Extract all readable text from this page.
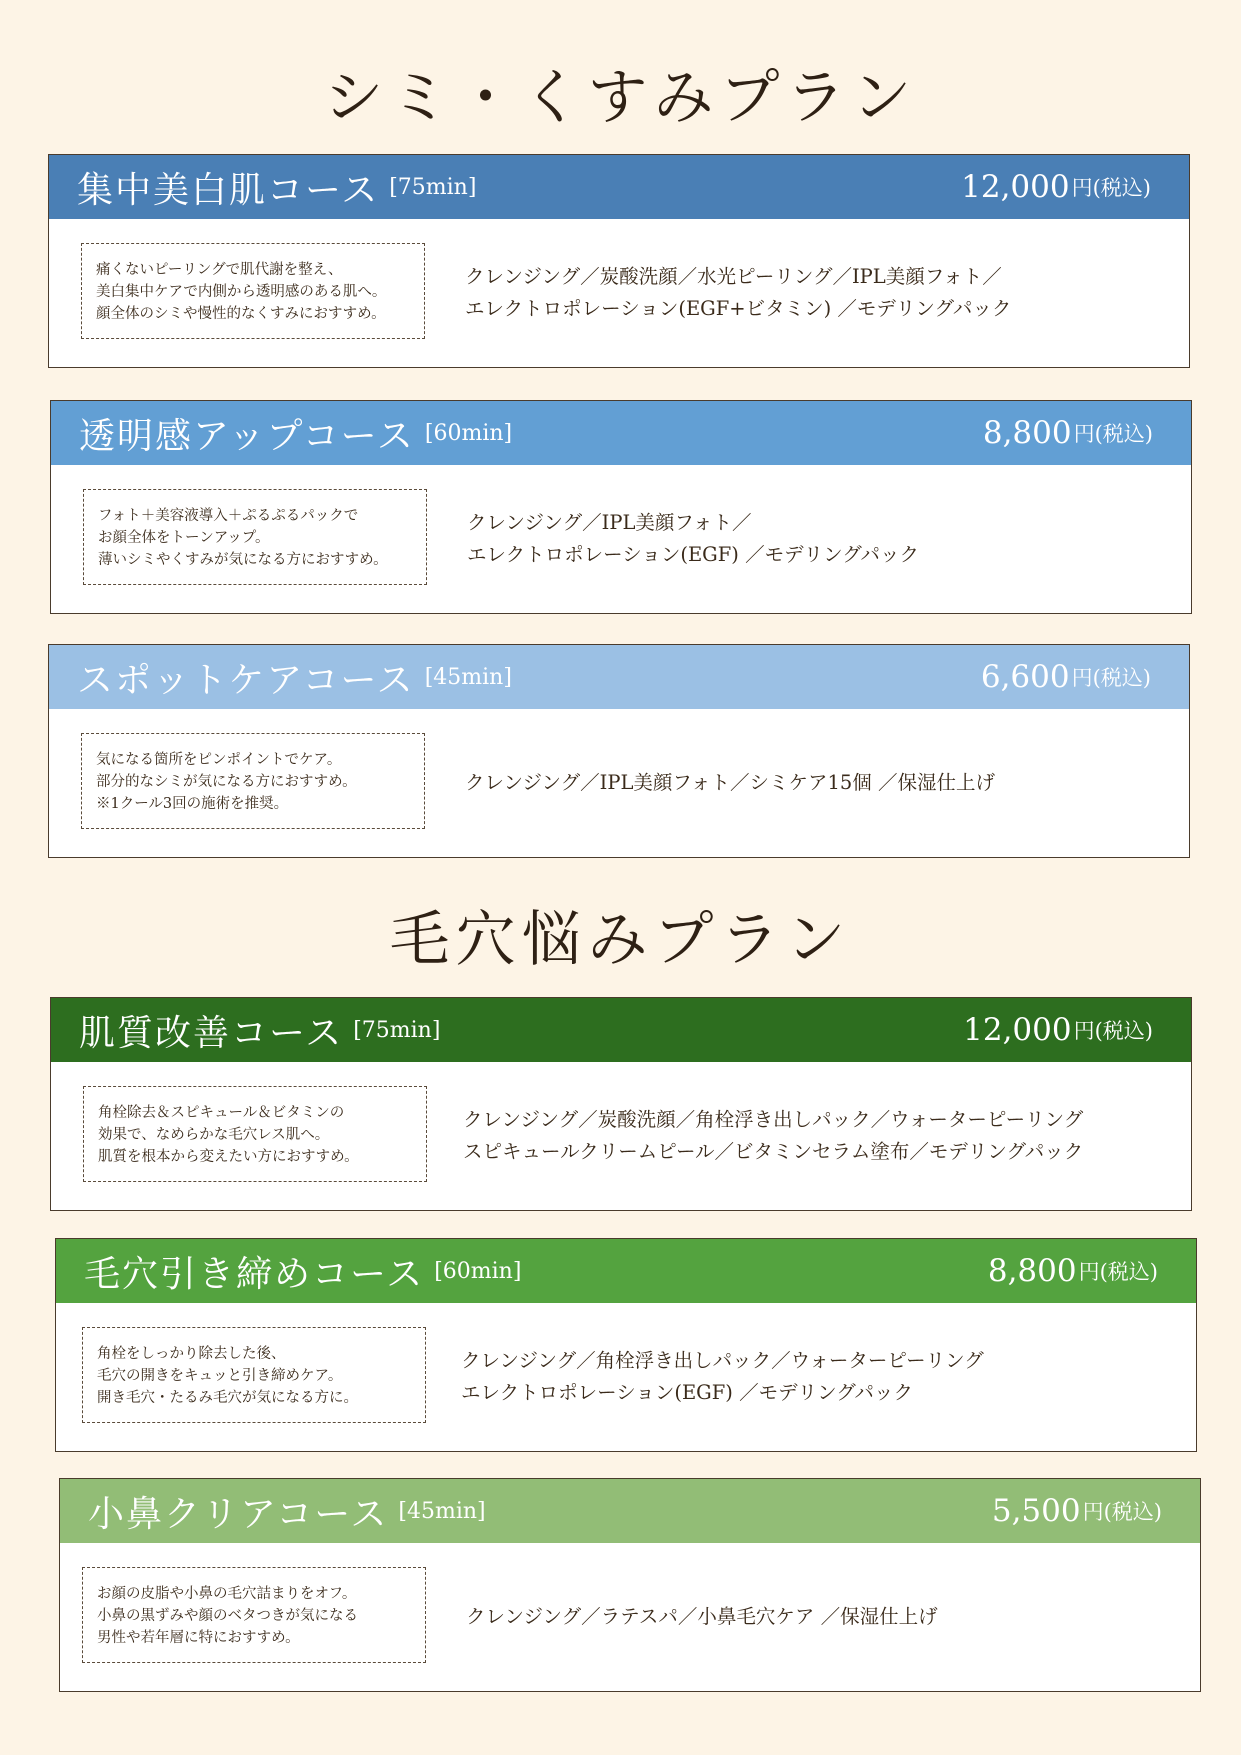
シミ・くすみプラン
集中美白肌コース [75min]	12,000 円(税込)
痛くないピーリングで肌代謝を整え、
美白集中ケアで内側から透明感のある肌へ。
顔全体のシミや慢性的なくすみにおすすめ。
クレンジング／炭酸洗顔／水光ピーリング／IPL美顔フォト／
エレクトロポレーション(EGF+ビタミン) ／モデリングパック
透明感アップコース [60min]	8,800 円(税込)
フォト＋美容液導入＋ぷるぷるパックで
お顔全体をトーンアップ。
薄いシミやくすみが気になる方におすすめ。
クレンジング／IPL美顔フォト／
エレクトロポレーション(EGF) ／モデリングパック
スポットケアコース [45min]	6,600 円(税込)
気になる箇所をピンポイントでケア。
部分的なシミが気になる方におすすめ。
※1クール3回の施術を推奨。
クレンジング／IPL美顔フォト／シミケア15個 ／保湿仕上げ
毛穴悩みプラン
肌質改善コース [75min]	12,000 円(税込)
角栓除去＆スピキュール＆ビタミンの
効果で、なめらかな毛穴レス肌へ。
肌質を根本から変えたい方におすすめ。
クレンジング／炭酸洗顔／角栓浮き出しパック／ウォーターピーリング
スピキュールクリームピール／ビタミンセラム塗布／モデリングパック
毛穴引き締めコース [60min]	8,800 円(税込)
角栓をしっかり除去した後、
毛穴の開きをキュッと引き締めケア。
開き毛穴・たるみ毛穴が気になる方に。
クレンジング／角栓浮き出しパック／ウォーターピーリング
エレクトロポレーション(EGF) ／モデリングパック
小鼻クリアコース [45min]	5,500 円(税込)
お顔の皮脂や小鼻の毛穴詰まりをオフ。
小鼻の黒ずみや顔のベタつきが気になる
男性や若年層に特におすすめ。
クレンジング／ラテスパ／小鼻毛穴ケア ／保湿仕上げ
